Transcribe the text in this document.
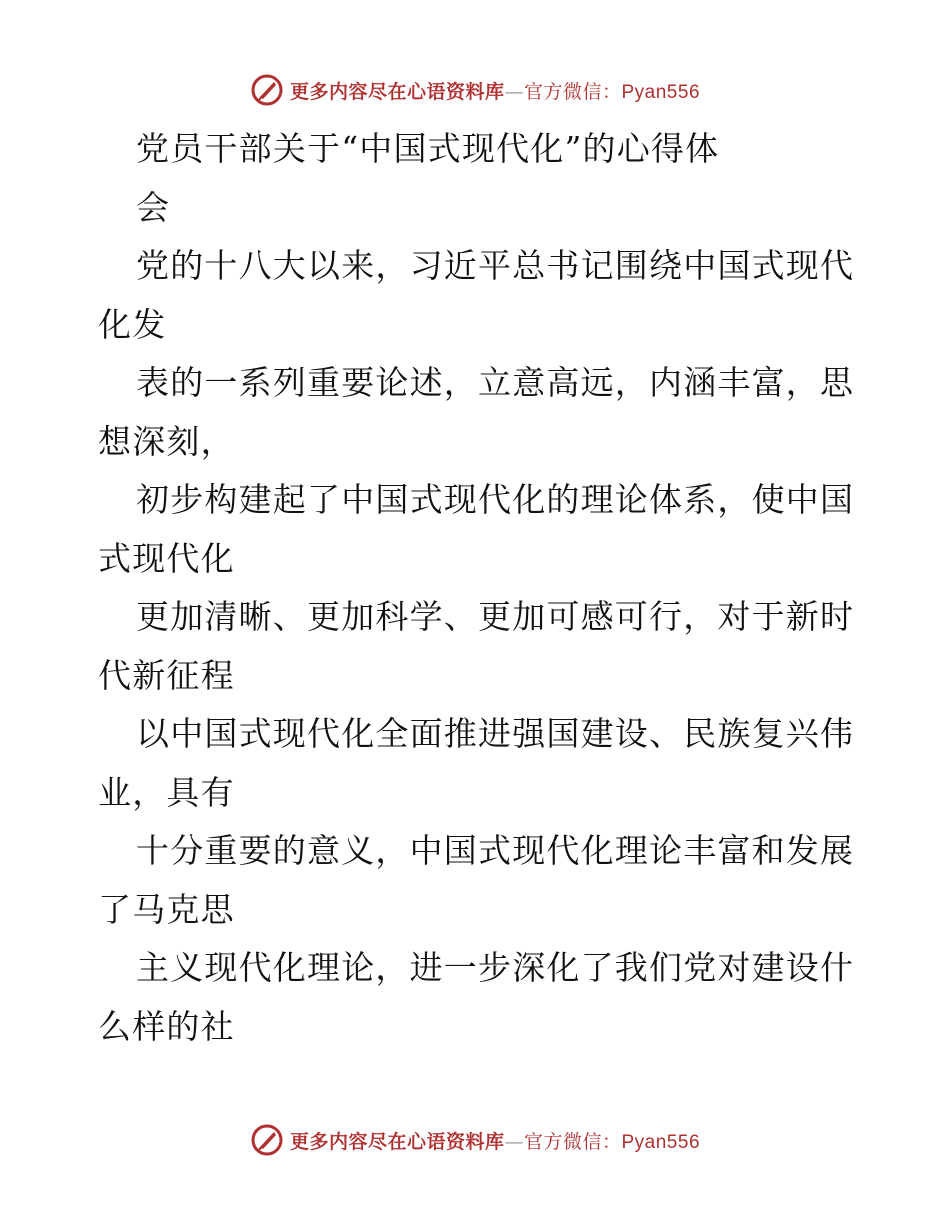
更多内容尽在心语资料库—官方微信：Pyan556
党员干部关于“中国式现代化”的心得体
会
党的十八大以来，习近平总书记围绕中国式现代
化发
表的一系列重要论述，立意高远，内涵丰富，思
想深刻，
初步构建起了中国式现代化的理论体系，使中国
式现代化
更加清晰、更加科学、更加可感可行，对于新时
代新征程
以中国式现代化全面推进强国建设、民族复兴伟
业，具有
十分重要的意义，中国式现代化理论丰富和发展
了马克思
主义现代化理论，进一步深化了我们党对建设什
么样的社
更多内容尽在心语资料库—官方微信：Pyan556
